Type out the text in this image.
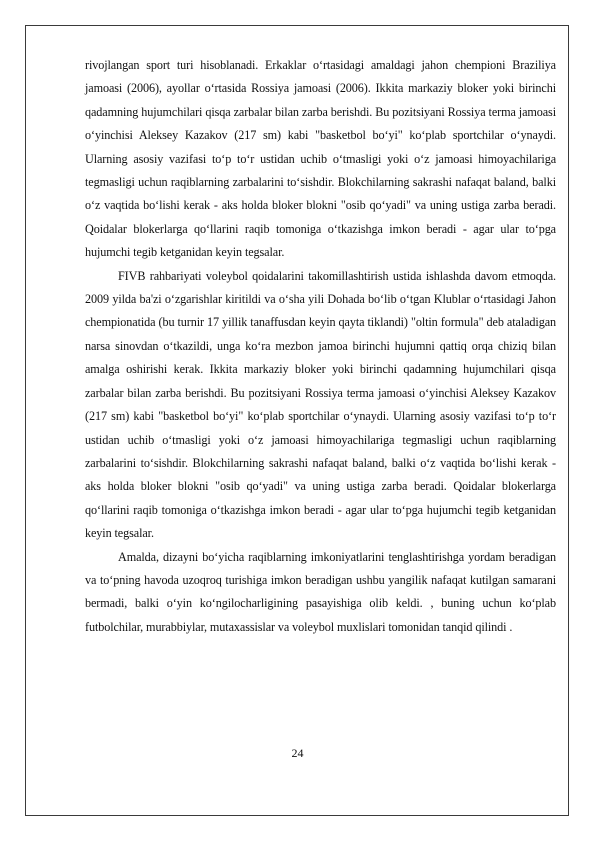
rivojlangan sport turi hisoblanadi. Erkaklar o‘rtasidagi amaldagi jahon chempioni Braziliya jamoasi (2006), ayollar o‘rtasida Rossiya jamoasi (2006). Ikkita markaziy bloker yoki birinchi qadamning hujumchilari qisqa zarbalar bilan zarba berishdi. Bu pozitsiyani Rossiya terma jamoasi o‘yinchisi Aleksey Kazakov (217 sm) kabi "basketbol bo‘yi" ko‘plab sportchilar o‘ynaydi. Ularning asosiy vazifasi to‘p to‘r ustidan uchib o‘tmasligi yoki o‘z jamoasi himoyachilariga tegmasligi uchun raqiblarning zarbalarini to‘sishdir. Blokchilarning sakrashi nafaqat baland, balki o‘z vaqtida bo‘lishi kerak - aks holda bloker blokni "osib qo‘yadi" va uning ustiga zarba beradi. Qoidalar blokerlarga qo‘llarini raqib tomoniga o‘tkazishga imkon beradi - agar ular to‘pga hujumchi tegib ketganidan keyin tegsalar.

FIVB rahbariyati voleybol qoidalarini takomillashtirish ustida ishlashda davom etmoqda. 2009 yilda ba'zi o‘zgarishlar kiritildi va o‘sha yili Dohada bo‘lib o‘tgan Klublar o‘rtasidagi Jahon chempionatida (bu turnir 17 yillik tanaffusdan keyin qayta tiklandi) "oltin formula" deb ataladigan narsa sinovdan o‘tkazildi, unga ko‘ra mezbon jamoa birinchi hujumni qattiq orqa chiziq bilan amalga oshirishi kerak. Ikkita markaziy bloker yoki birinchi qadamning hujumchilari qisqa zarbalar bilan zarba berishdi. Bu pozitsiyani Rossiya terma jamoasi o‘yinchisi Aleksey Kazakov (217 sm) kabi "basketbol bo‘yi" ko‘plab sportchilar o‘ynaydi. Ularning asosiy vazifasi to‘p to‘r ustidan uchib o‘tmasligi yoki o‘z jamoasi himoyachilariga tegmasligi uchun raqiblarning zarbalarini to‘sishdir. Blokchilarning sakrashi nafaqat baland, balki o‘z vaqtida bo‘lishi kerak - aks holda bloker blokni "osib qo‘yadi" va uning ustiga zarba beradi. Qoidalar blokerlarga qo‘llarini raqib tomoniga o‘tkazishga imkon beradi - agar ular to‘pga hujumchi tegib ketganidan keyin tegsalar.

Amalda, dizayni bo‘yicha raqiblarning imkoniyatlarini tenglashtirishga yordam beradigan va to‘pning havoda uzoqroq turishiga imkon beradigan ushbu yangilik nafaqat kutilgan samarani bermadi, balki o‘yin ko‘ngilocharligining pasayishiga olib keldi. , buning uchun ko‘plab futbolchilar, murabbiylar, mutaxassislar va voleybol muxlislari tomonidan tanqid qilindi .

24
